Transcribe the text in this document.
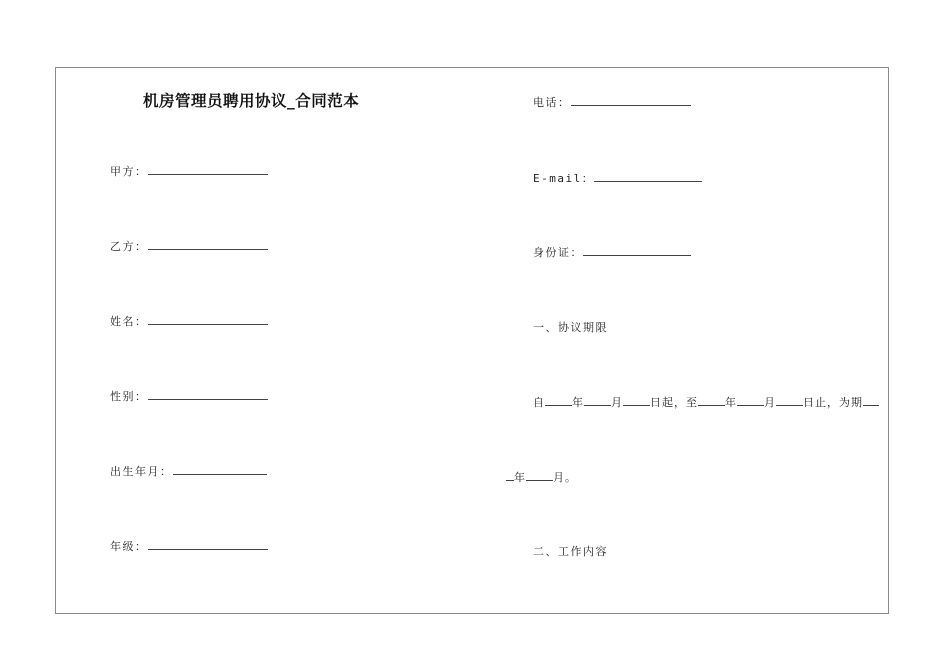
机房管理员聘用协议_合同范本
甲方：
乙方：
姓名：
性别：
出生年月：
年级：
电话：
E-mail：
身份证：
一、协议期限
自 年 月 日起，至 年 月 日止，为期
年 月。
二、工作内容
